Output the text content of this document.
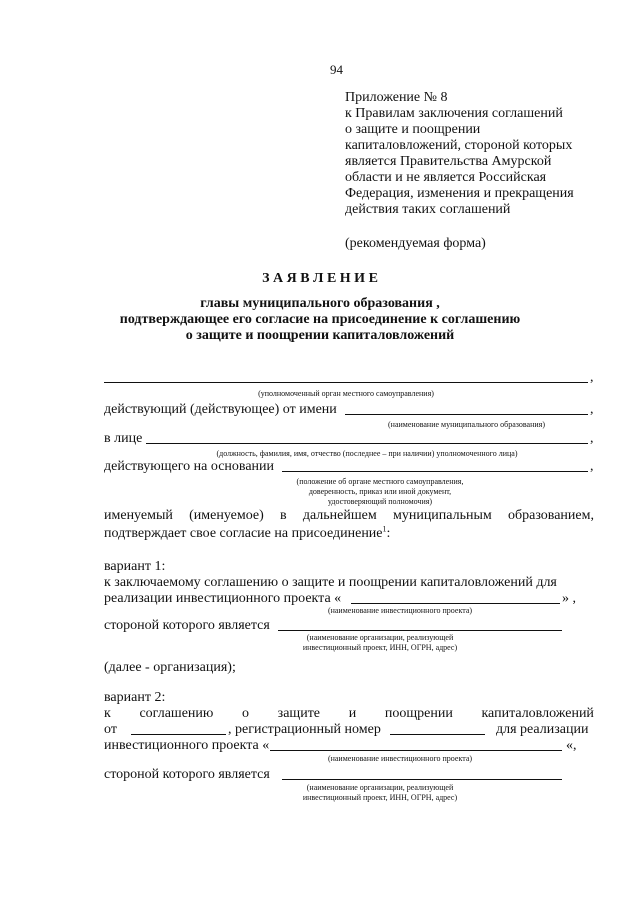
94
Приложение № 8
к Правилам заключения соглашений
о защите и поощрении
капиталовложений, стороной которых
является Правительства Амурской
области и не является Российская
Федерация, изменения и прекращения
действия таких соглашений
(рекомендуемая форма)
З А Я В Л Е Н И Е
главы муниципального образования ,
подтверждающее его согласие на присоединение к соглашению
о защите и поощрении капиталовложений
,
(уполномоченный орган местного самоуправления)
действующий (действующее) от имени	,
(наименование муниципального образования)
в лице	,
(должность, фамилия, имя, отчество (последнее – при наличии) уполномоченного лица)
действующего на основании	,
(положение об органе местного самоуправления,
доверенность, приказ или иной документ,
удостоверяющий полномочия)
именуемый (именуемое) в дальнейшем муниципальным образованием,
подтверждает свое согласие на присоединение$^1$:
вариант 1:
к заключаемому соглашению о защите и поощрении капиталовложений для
реализации инвестиционного проекта «	» ,
(наименование инвестиционного проекта)
стороной которого является
(наименование организации, реализующей
инвестиционный проект, ИНН, ОГРН, адрес)
(далее - организация);
вариант 2:
к соглашению о защите и поощрении капиталовложений
от	, регистрационный номер	для реализации
инвестиционного проекта «	«,
(наименование инвестиционного проекта)
стороной которого является
(наименование организации, реализующей
инвестиционный проект, ИНН, ОГРН, адрес)
